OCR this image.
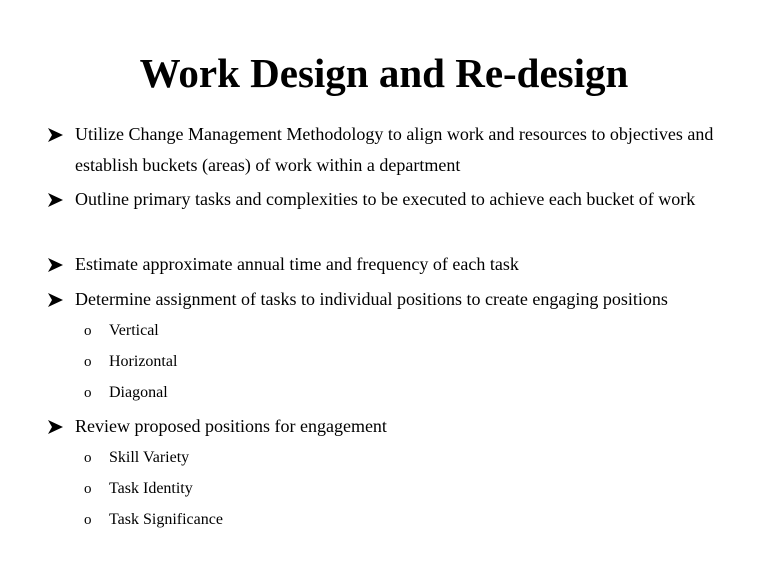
Work Design and Re-design
Utilize Change Management Methodology to align work and resources to objectives and establish buckets (areas) of work within a department
Outline primary tasks and complexities to be executed to achieve each bucket of work
Estimate approximate annual time and frequency of each task
Determine assignment of tasks to individual positions to create engaging positions
o Vertical
o Horizontal
o Diagonal
Review proposed positions for engagement
o Skill Variety
o Task Identity
o Task Significance
